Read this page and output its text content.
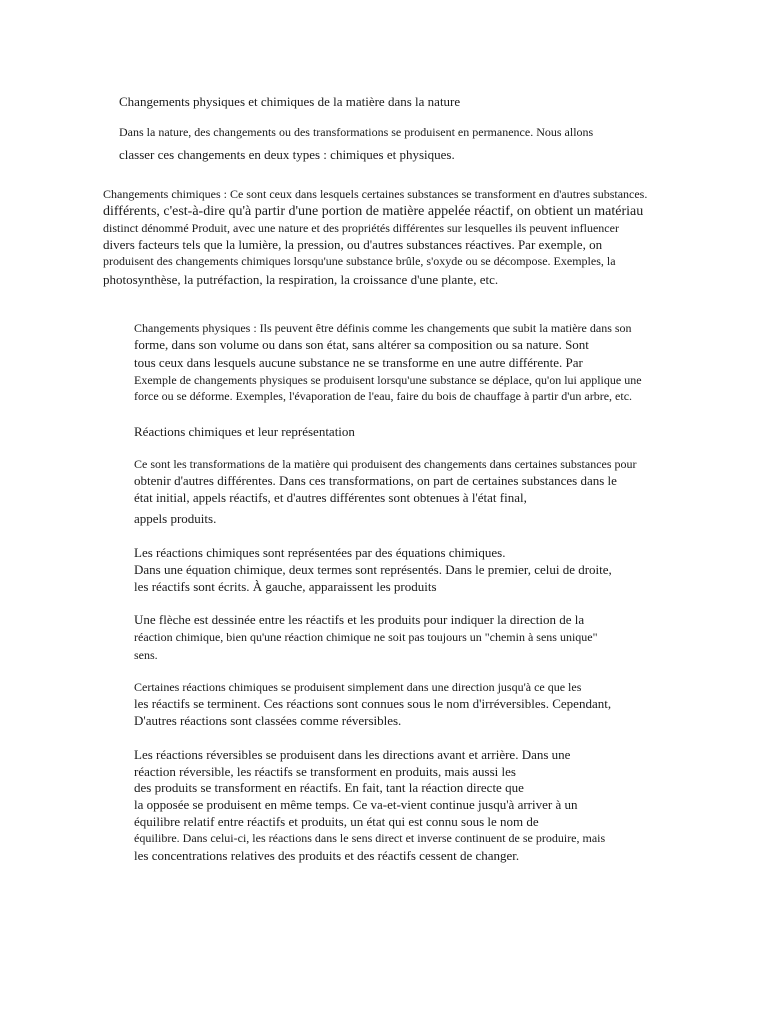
Changements physiques et chimiques de la matière dans la nature
Dans la nature, des changements ou des transformations se produisent en permanence. Nous allons
classer ces changements en deux types : chimiques et physiques.
Changements chimiques : Ce sont ceux dans lesquels certaines substances se transforment en d'autres substances.
différents, c'est-à-dire qu'à partir d'une portion de matière appelée réactif, on obtient un matériau
distinct dénommé Produit, avec une nature et des propriétés différentes sur lesquelles ils peuvent influencer
divers facteurs tels que la lumière, la pression, ou d'autres substances réactives. Par exemple, on
produisent des changements chimiques lorsqu'une substance brûle, s'oxyde ou se décompose. Exemples, la
photosynthèse, la putréfaction, la respiration, la croissance d'une plante, etc.
Changements physiques : Ils peuvent être définis comme les changements que subit la matière dans son
forme, dans son volume ou dans son état, sans altérer sa composition ou sa nature. Sont
tous ceux dans lesquels aucune substance ne se transforme en une autre différente. Par
Exemple de changements physiques se produisent lorsqu'une substance se déplace, qu'on lui applique une
force ou se déforme. Exemples, l'évaporation de l'eau, faire du bois de chauffage à partir d'un arbre, etc.
Réactions chimiques et leur représentation
Ce sont les transformations de la matière qui produisent des changements dans certaines substances pour
obtenir d'autres différentes. Dans ces transformations, on part de certaines substances dans le
état initial, appels réactifs, et d'autres différentes sont obtenues à l'état final,
appels produits.
Les réactions chimiques sont représentées par des équations chimiques.
Dans une équation chimique, deux termes sont représentés. Dans le premier, celui de droite,
les réactifs sont écrits. À gauche, apparaissent les produits
Une flèche est dessinée entre les réactifs et les produits pour indiquer la direction de la
réaction chimique, bien qu'une réaction chimique ne soit pas toujours un "chemin à sens unique"
sens.
Certaines réactions chimiques se produisent simplement dans une direction jusqu'à ce que les
les réactifs se terminent. Ces réactions sont connues sous le nom d'irréversibles. Cependant,
D'autres réactions sont classées comme réversibles.
Les réactions réversibles se produisent dans les directions avant et arrière. Dans une
réaction réversible, les réactifs se transforment en produits, mais aussi les
des produits se transforment en réactifs. En fait, tant la réaction directe que
la opposée se produisent en même temps. Ce va-et-vient continue jusqu'à arriver à un
équilibre relatif entre réactifs et produits, un état qui est connu sous le nom de
équilibre. Dans celui-ci, les réactions dans le sens direct et inverse continuent de se produire, mais
les concentrations relatives des produits et des réactifs cessent de changer.
